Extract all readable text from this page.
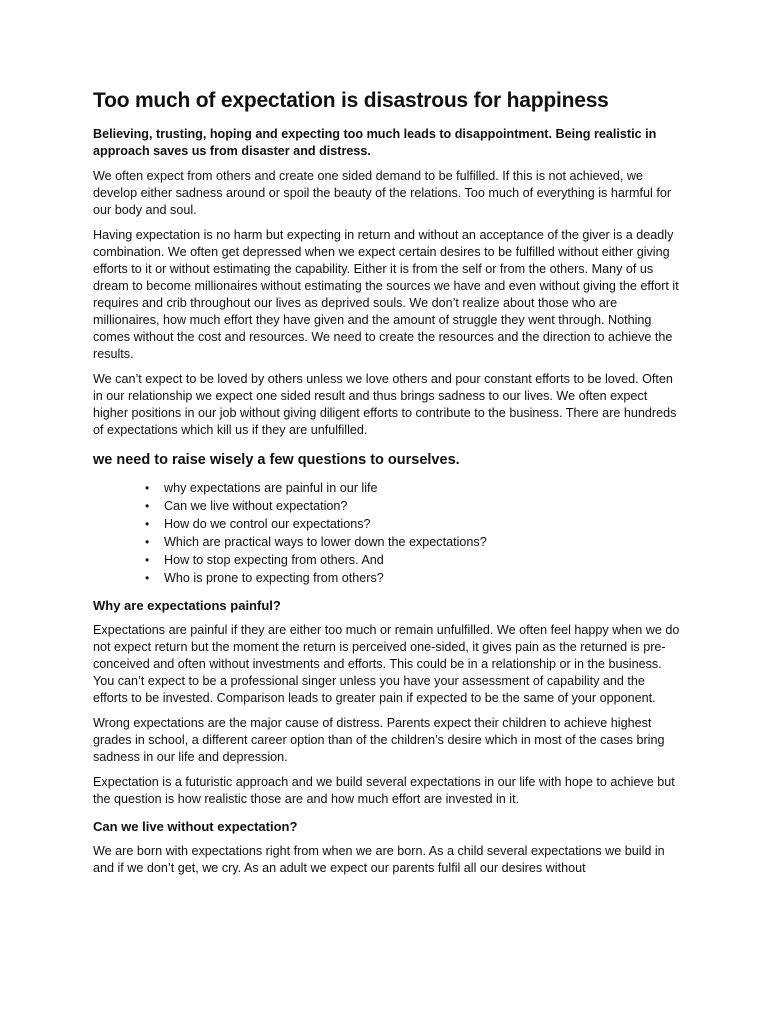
Too much of expectation is disastrous for happiness

Believing, trusting, hoping and expecting too much leads to disappointment. Being realistic in approach saves us from disaster and distress.

We often expect from others and create one sided demand to be fulfilled. If this is not achieved, we develop either sadness around or spoil the beauty of the relations. Too much of everything is harmful for our body and soul.

Having expectation is no harm but expecting in return and without an acceptance of the giver is a deadly combination. We often get depressed when we expect certain desires to be fulfilled without either giving efforts to it or without estimating the capability. Either it is from the self or from the others. Many of us dream to become millionaires without estimating the sources we have and even without giving the effort it requires and crib throughout our lives as deprived souls. We don’t realize about those who are millionaires, how much effort they have given and the amount of struggle they went through. Nothing comes without the cost and resources. We need to create the resources and the direction to achieve the results.

We can’t expect to be loved by others unless we love others and pour constant efforts to be loved. Often in our relationship we expect one sided result and thus brings sadness to our lives. We often expect higher positions in our job without giving diligent efforts to contribute to the business. There are hundreds of expectations which kill us if they are unfulfilled.

we need to raise wisely a few questions to ourselves.
• why expectations are painful in our life
• Can we live without expectation?
• How do we control our expectations?
• Which are practical ways to lower down the expectations?
• How to stop expecting from others. And
• Who is prone to expecting from others?
Why are expectations painful?

Expectations are painful if they are either too much or remain unfulfilled. We often feel happy when we do not expect return but the moment the return is perceived one-sided, it gives pain as the returned is pre-conceived and often without investments and efforts. This could be in a relationship or in the business. You can’t expect to be a professional singer unless you have your assessment of capability and the efforts to be invested. Comparison leads to greater pain if expected to be the same of your opponent.

Wrong expectations are the major cause of distress. Parents expect their children to achieve highest grades in school, a different career option than of the children’s desire which in most of the cases bring sadness in our life and depression.

Expectation is a futuristic approach and we build several expectations in our life with hope to achieve but the question is how realistic those are and how much effort are invested in it.

Can we live without expectation?

We are born with expectations right from when we are born. As a child several expectations we build in and if we don’t get, we cry. As an adult we expect our parents fulfil all our desires without
